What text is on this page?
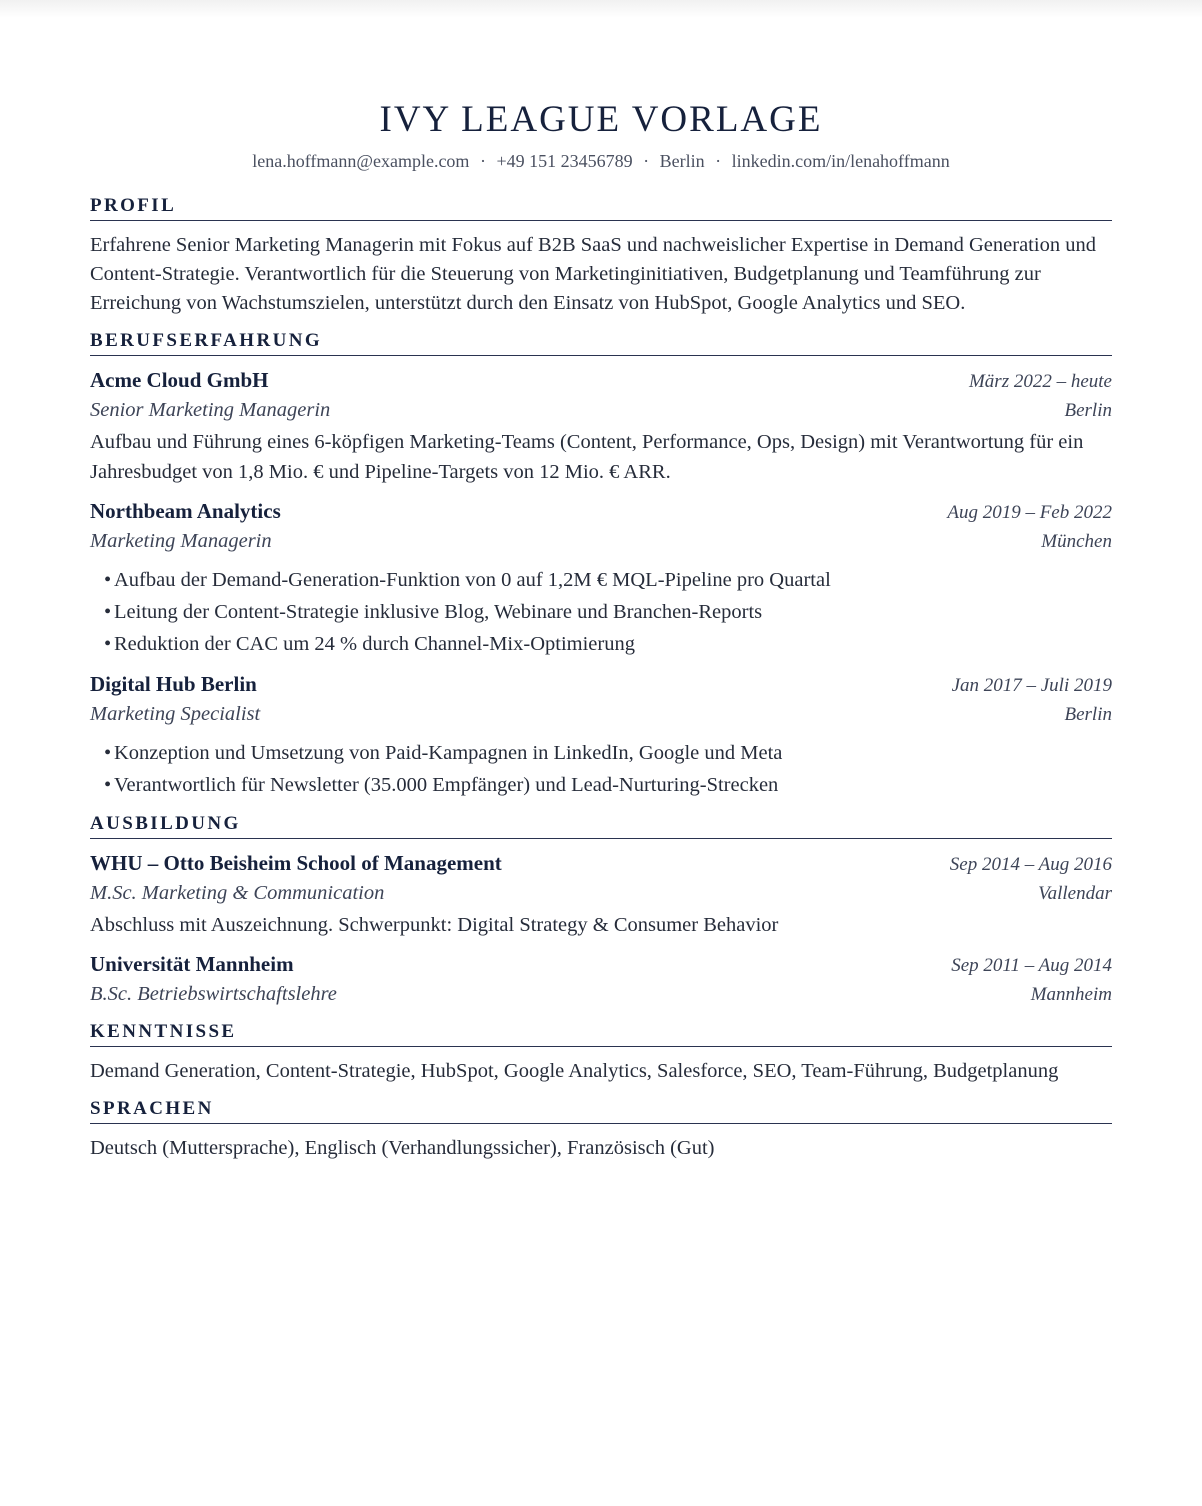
IVY LEAGUE VORLAGE
lena.hoffmann@example.com · +49 151 23456789 · Berlin · linkedin.com/in/lenahoffmann
PROFIL

Erfahrene Senior Marketing Managerin mit Fokus auf B2B SaaS und nachweislicher Expertise in Demand Generation und Content-Strategie. Verantwortlich für die Steuerung von Marketinginitiativen, Budgetplanung und Teamführung zur Erreichung von Wachstumszielen, unterstützt durch den Einsatz von HubSpot, Google Analytics und SEO.

BERUFSERFAHRUNG
Acme Cloud GmbH	März 2022 – heute
Senior Marketing Managerin	Berlin

Aufbau und Führung eines 6-köpfigen Marketing-Teams (Content, Performance, Ops, Design) mit Verantwortung für ein Jahresbudget von 1,8 Mio. € und Pipeline-Targets von 12 Mio. € ARR.

Northbeam Analytics	Aug 2019 – Feb 2022
Marketing Managerin	München
• Aufbau der Demand-Generation-Funktion von 0 auf 1,2M € MQL-Pipeline pro Quartal
• Leitung der Content-Strategie inklusive Blog, Webinare und Branchen-Reports
• Reduktion der CAC um 24 % durch Channel-Mix-Optimierung
Digital Hub Berlin	Jan 2017 – Juli 2019
Marketing Specialist	Berlin
• Konzeption und Umsetzung von Paid-Kampagnen in LinkedIn, Google und Meta
• Verantwortlich für Newsletter (35.000 Empfänger) und Lead-Nurturing-Strecken
AUSBILDUNG
WHU – Otto Beisheim School of Management	Sep 2014 – Aug 2016
M.Sc. Marketing & Communication	Vallendar

Abschluss mit Auszeichnung. Schwerpunkt: Digital Strategy & Consumer Behavior

Universität Mannheim	Sep 2011 – Aug 2014
B.Sc. Betriebswirtschaftslehre	Mannheim
KENNTNISSE

Demand Generation, Content-Strategie, HubSpot, Google Analytics, Salesforce, SEO, Team-Führung, Budgetplanung

SPRACHEN

Deutsch (Muttersprache), Englisch (Verhandlungssicher), Französisch (Gut)
